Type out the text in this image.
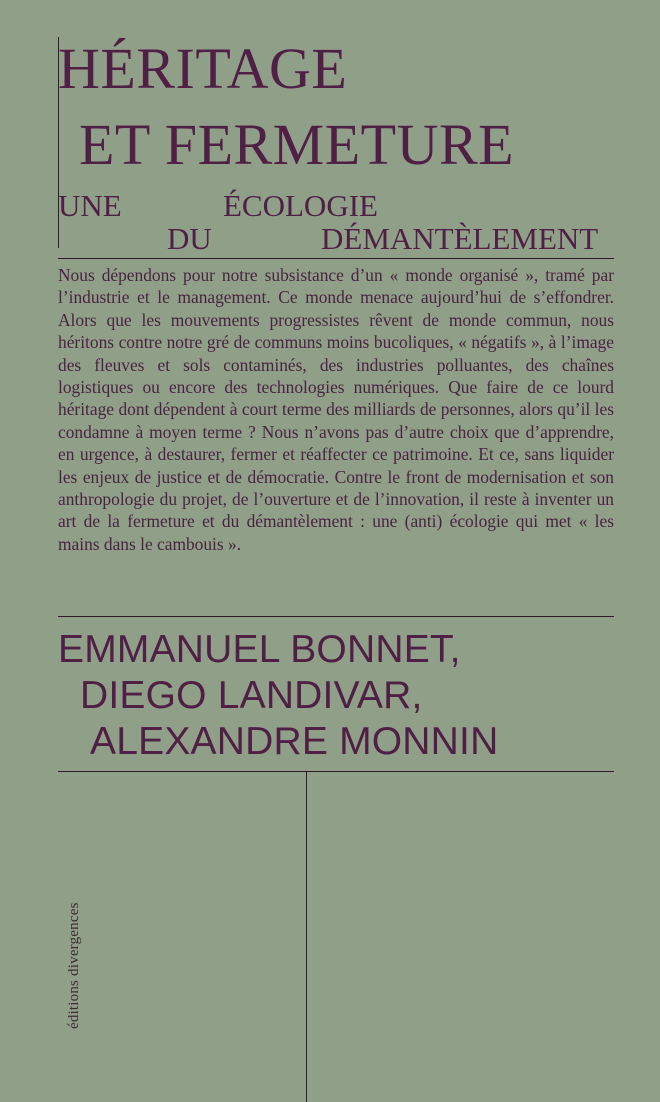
HÉRITAGE
ET FERMETURE
UNE	ÉCOLOGIE
DU	DÉMANTÈLEMENT

Nous dépendons pour notre subsistance d’un « monde organisé », tramé par l’industrie et le management. Ce monde menace aujourd’hui de s’effondrer. Alors que les mouvements progressistes rêvent de monde commun, nous héritons contre notre gré de communs moins bucoliques, « négatifs », à l’image des fleuves et sols contaminés, des industries polluantes, des chaînes logistiques ou encore des technologies numériques. Que faire de ce lourd héritage dont dépendent à court terme des milliards de personnes, alors qu’il les condamne à moyen terme ? Nous n’avons pas d’autre choix que d’apprendre, en urgence, à destaurer, fermer et réaffecter ce patrimoine. Et ce, sans liquider les enjeux de justice et de démocratie. Contre le front de modernisation et son anthropologie du projet, de l’ouverture et de l’innovation, il reste à inventer un art de la fermeture et du démantèlement : une (anti) écologie qui met « les mains dans le cambouis ».

EMMANUEL BONNET,
DIEGO LANDIVAR,
ALEXANDRE MONNIN
éditions divergences
